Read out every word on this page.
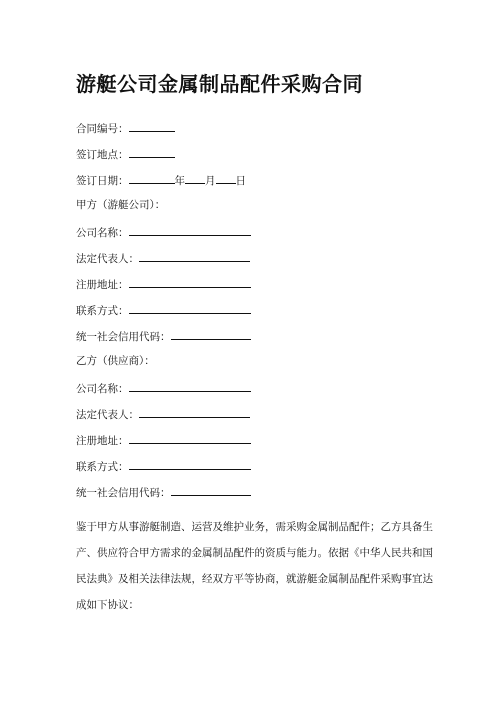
游艇公司金属制品配件采购合同
合同编号：
签订地点：
签订日期：	年 月 日
甲方（游艇公司）：
公司名称：
法定代表人：
注册地址：
联系方式：
统一社会信用代码：
乙方（供应商）：
公司名称：
法定代表人：
注册地址：
联系方式：
统一社会信用代码：
鉴于甲方从事游艇制造、运营及维护业务，需采购金属制品配件；乙方具备生
产、供应符合甲方需求的金属制品配件的资质与能力。依据《中华人民共和国
民法典》及相关法律法规，经双方平等协商，就游艇金属制品配件采购事宜达
成如下协议：
